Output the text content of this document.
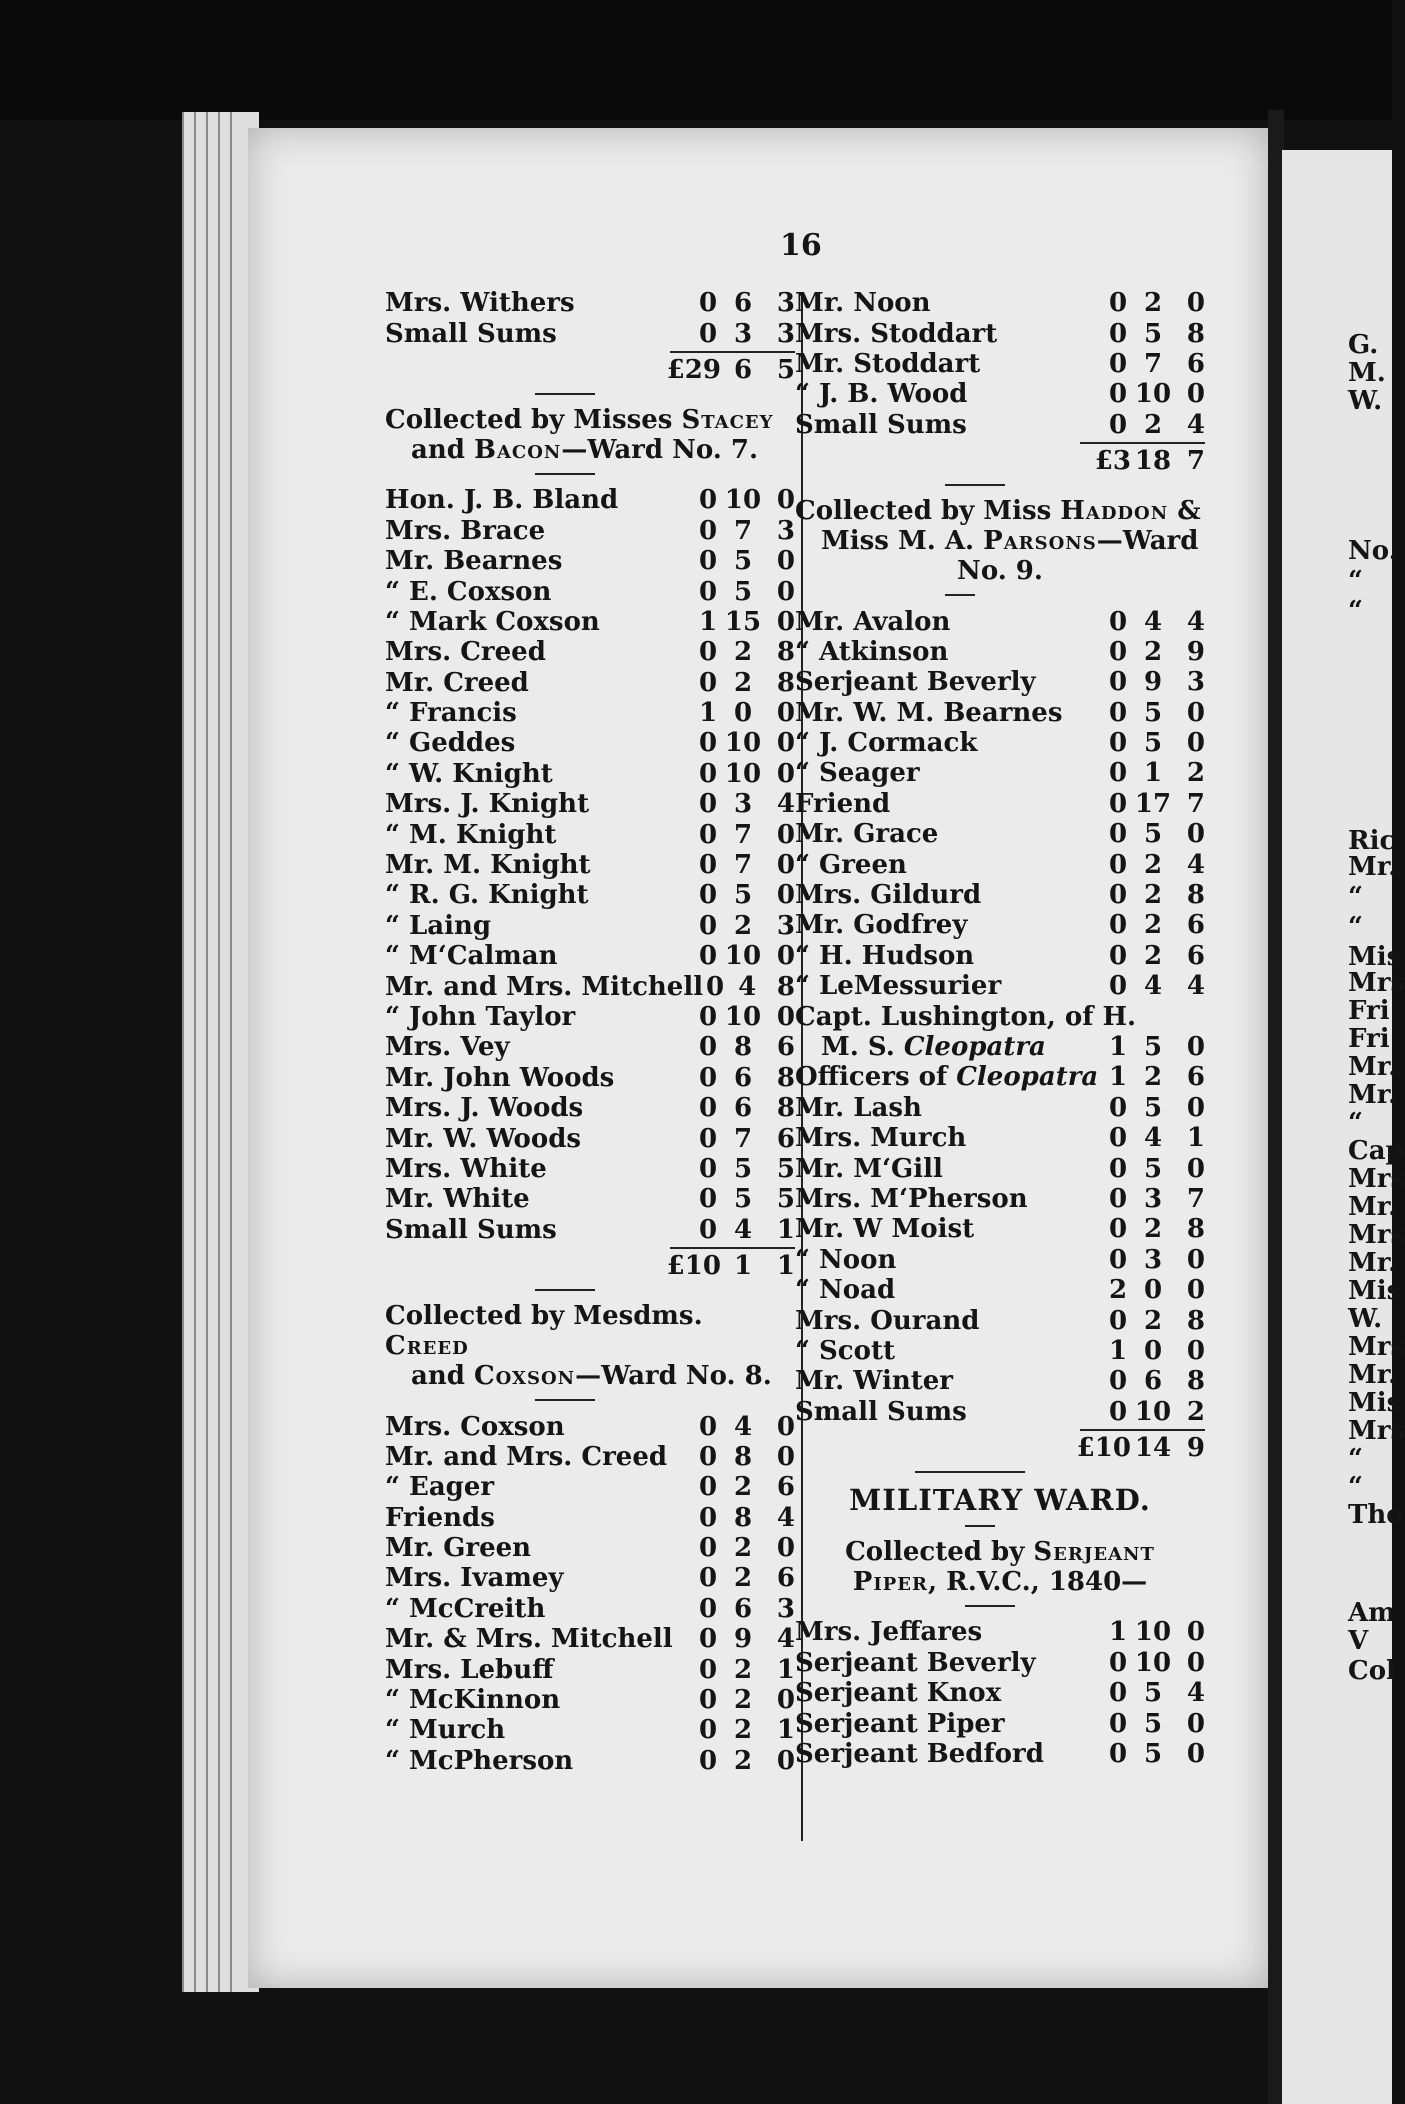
G.
M.
W.
No.
“
“
Ric
Mr.
“
“
Mis
Mrs
Fri
Fri
Mr.
Mr.
“
Cap
Mrs
Mr.
Mrs
Mr.
Mis
W.
Mrs
Mr.
Mis
Mrs
“
“
Tho
Am
V
Col
16
Mrs. Withers	0 6 3
Small Sums	0 3 3
£29 6 5
Collected by Misses Stacey
and Bacon—Ward No. 7.
Hon. J. B. Bland	0 10 0
Mrs. Brace	0 7 3
Mr. Bearnes	0 5 0
“ E. Coxson	0 5 0
“ Mark Coxson	1 15 0
Mrs. Creed	0 2 8
Mr. Creed	0 2 8
“ Francis	1 0 0
“ Geddes	0 10 0
“ W. Knight	0 10 0
Mrs. J. Knight	0 3 4
“ M. Knight	0 7 0
Mr. M. Knight	0 7 0
“ R. G. Knight	0 5 0
“ Laing	0 2 3
“ M‘Calman	0 10 0
Mr. and Mrs. Mitchell 0 4 8
“ John Taylor	0 10 0
Mrs. Vey	0 8 6
Mr. John Woods	0 6 8
Mrs. J. Woods	0 6 8
Mr. W. Woods	0 7 6
Mrs. White	0 5 5
Mr. White	0 5 5
Small Sums	0 4 1
£10 1 1
Collected by Mesdms. Creed
and Coxson—Ward No. 8.
Mrs. Coxson	0 4 0
Mr. and Mrs. Creed	0 8 0
“ Eager	0 2 6
Friends	0 8 4
Mr. Green	0 2 0
Mrs. Ivamey	0 2 6
“ McCreith	0 6 3
Mr. & Mrs. Mitchell	0 9 4
Mrs. Lebuff	0 2 1
“ McKinnon	0 2 0
“ Murch	0 2 1
“ McPherson	0 2 0
Mr. Noon	0 2 0
Mrs. Stoddart	0 5 8
Mr. Stoddart	0 7 6
“ J. B. Wood	0 10 0
Small Sums	0 2 4
£3 18 7
Collected by Miss Haddon &
Miss M. A. Parsons—Ward
No. 9.
Mr. Avalon	0 4 4
“ Atkinson	0 2 9
Serjeant Beverly	0 9 3
Mr. W. M. Bearnes	0 5 0
“ J. Cormack	0 5 0
“ Seager	0 1 2
Friend	0 17 7
Mr. Grace	0 5 0
“ Green	0 2 4
Mrs. Gildurd	0 2 8
Mr. Godfrey	0 2 6
“ H. Hudson	0 2 6
“ LeMessurier	0 4 4
Capt. Lushington, of H.
M. S. Cleopatra	1 5 0
Officers of Cleopatra 1 2 6
Mr. Lash	0 5 0
Mrs. Murch	0 4 1
Mr. M‘Gill	0 5 0
Mrs. M‘Pherson	0 3 7
Mr. W Moist	0 2 8
“ Noon	0 3 0
“ Noad	2 0 0
Mrs. Ourand	0 2 8
“ Scott	1 0 0
Mr. Winter	0 6 8
Small Sums	0 10 2
£10 14 9
MILITARY WARD.
Collected by Serjeant
Piper, R.V.C., 1840—
Mrs. Jeffares	1 10 0
Serjeant Beverly	0 10 0
Serjeant Knox	0 5 4
Serjeant Piper	0 5 0
Serjeant Bedford	0 5 0
